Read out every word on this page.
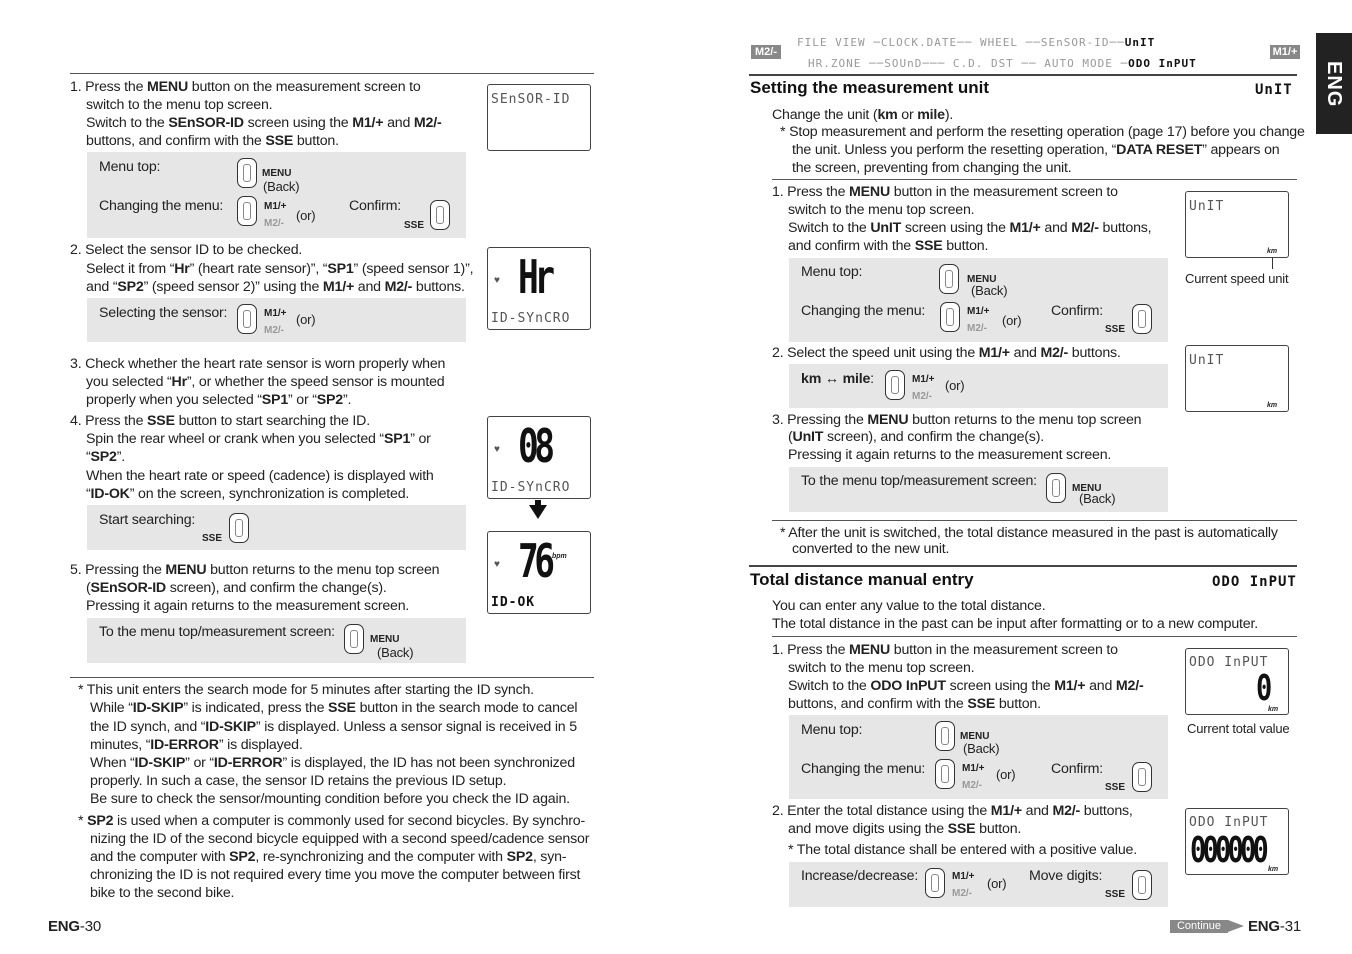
1. Press the MENU button on the measurement screen to
switch to the menu top screen.
Switch to the SEnSOR-ID screen using the M1/+ and M2/-
buttons, and confirm with the SSE button.
SEnSOR-ID
Menu top:	MENU
(Back)
Changing the menu:	M1/+
M2/-
(or)
Confirm:
SSE
2. Select the sensor ID to be checked.
Select it from “Hr” (heart rate sensor)”, “SP1” (speed sensor 1)”,
and “SP2” (speed sensor 2)” using the M1/+ and M2/- buttons.	♥ Hr
ID-SYnCRO
Selecting the sensor:	M1/+
M2/-
(or)
3. Check whether the heart rate sensor is worn properly when
you selected “Hr”, or whether the speed sensor is mounted
properly when you selected “SP1” or “SP2”.
4. Press the SSE button to start searching the ID.
Spin the rear wheel or crank when you selected “SP1” or
“SP2”.
When the heart rate or speed (cadence) is displayed with
“ID-OK” on the screen, synchronization is completed.
♥ 08
ID-SYnCRO
Start searching:
SSE
♥ 76 bpm
ID-OK
5. Pressing the MENU button returns to the menu top screen
(SEnSOR-ID screen), and confirm the change(s).
Pressing it again returns to the measurement screen.
To the menu top/measurement screen:	MENU
(Back)
* This unit enters the search mode for 5 minutes after starting the ID synch.
While “ID-SKIP” is indicated, press the SSE button in the search mode to cancel
the ID synch, and “ID-SKIP” is displayed. Unless a sensor signal is received in 5
minutes, “ID-ERROR” is displayed.
When “ID-SKIP” or “ID-ERROR” is displayed, the ID has not been synchronized
properly. In such a case, the sensor ID retains the previous ID setup.
Be sure to check the sensor/mounting condition before you check the ID again.
* SP2 is used when a computer is commonly used for second bicycles. By synchro-
nizing the ID of the second bicycle equipped with a second speed/cadence sensor
and the computer with SP2, re-synchronizing and the computer with SP2, syn-
chronizing the ID is not required every time you move the computer between first
bike to the second bike.
ENG-30
M2/-	M1/+
FILE VIEW ─CLOCK.DATE── WHEEL ──SEnSOR-ID──UnIT
HR.ZONE ──SOUnD─── C.D. DST ── AUTO MODE ─ODO InPUT	ENG
Setting the measurement unit	UnIT
Change the unit (km or mile).
* Stop measurement and perform the resetting operation (page 17) before you change
the unit. Unless you perform the resetting operation, “DATA RESET” appears on
the screen, preventing from changing the unit.
1. Press the MENU button in the measurement screen to
switch to the menu top screen.
Switch to the UnIT screen using the M1/+ and M2/- buttons,
and confirm with the SSE button.
UnIT
km
Current speed unit
Menu top:	MENU
(Back)
Changing the menu:	M1/+
M2/-
(or)
Confirm:
SSE
2. Select the speed unit using the M1/+ and M2/- buttons.
km ↔ mile:	M1/+
M2/-
(or)
UnIT
km
3. Pressing the MENU button returns to the menu top screen
(UnIT screen), and confirm the change(s).
Pressing it again returns to the measurement screen.
To the menu top/measurement screen:	MENU
(Back)
* After the unit is switched, the total distance measured in the past is automatically
converted to the new unit.
Total distance manual entry	ODO InPUT
You can enter any value to the total distance.
The total distance in the past can be input after formatting or to a new computer.
1. Press the MENU button in the measurement screen to
switch to the menu top screen.
Switch to the ODO InPUT screen using the M1/+ and M2/-
buttons, and confirm with the SSE button.
ODO InPUT
0
km
Current total value
Menu top:	MENU
(Back)
Changing the menu:	M1/+
M2/-
(or)	Confirm:
SSE
2. Enter the total distance using the M1/+ and M2/- buttons,
and move digits using the SSE button.
* The total distance shall be entered with a positive value.
ODO InPUT
000000 km
Increase/decrease:	M1/+
M2/-
(or) Move digits:
SSE
Continue	ENG-31
